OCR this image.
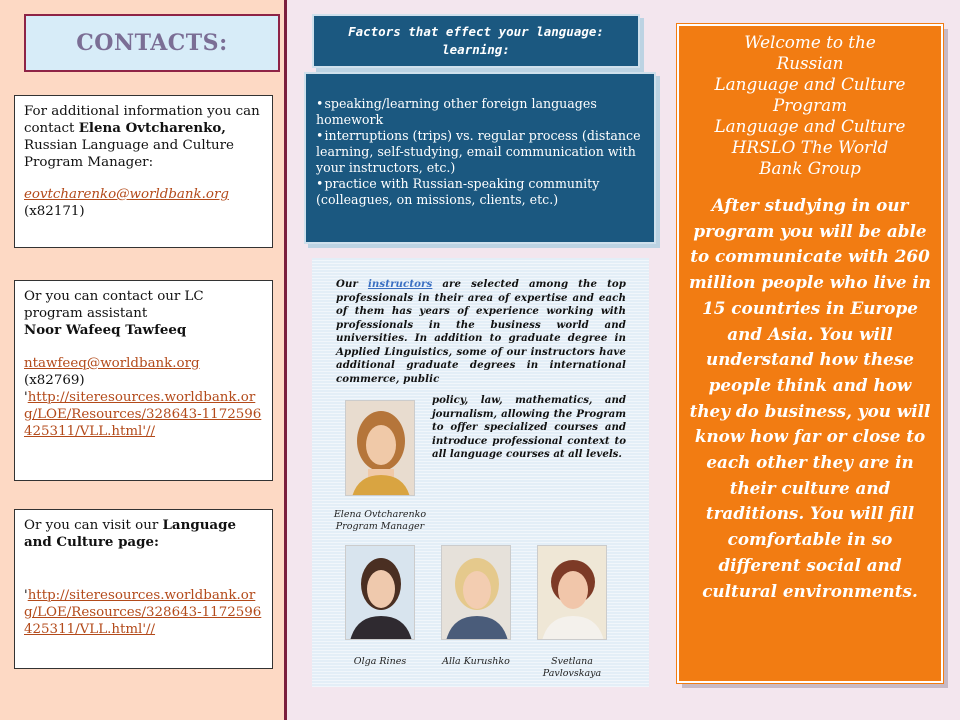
CONTACTS:
For additional information you can contact Elena Ovtcharenko, Russian Language and Culture Program Manager:
eovtcharenko@worldbank.org
(x82171)
Or you can contact our LC program assistant
Noor Wafeeq Tawfeeq
ntawfeeq@worldbank.org
(x82769)
'http://siteresources.worldbank.org/LOE/Resources/328643-1172596425311/VLL.html'//
Or you can visit our Language and Culture page:
'http://siteresources.worldbank.org/LOE/Resources/328643-1172596425311/VLL.html'//
Factors that effect your language: learning:
• speaking/learning other foreign languages homework
• interruptions (trips) vs. regular process (distance learning, self-studying, email communication with your instructors, etc.)
• practice with Russian-speaking community (colleagues, on missions, clients, etc.)
Our instructors are selected among the top professionals in their area of expertise and each of them has years of experience working with professionals in the business world and universities. In addition to graduate degree in Applied Linguistics, some of our instructors have additional graduate degrees in international commerce, public
policy, law, mathematics, and journalism, allowing the Program to offer specialized courses and introduce professional context to all language courses at all levels.
Elena Ovtcharenko
Program Manager
Olga Rines	Alla Kurushko	Svetlana Pavlovskaya
Welcome to the
Russian
Language and Culture
Program
Language and Culture
HRSLO The World
Bank Group
After studying in our program you will be able to communicate with 260 million people who live in 15 countries in Europe and Asia. You will understand how these people think and how they do business, you will know how far or close to each other they are in their culture and traditions. You will fill comfortable in so different social and cultural environments.
